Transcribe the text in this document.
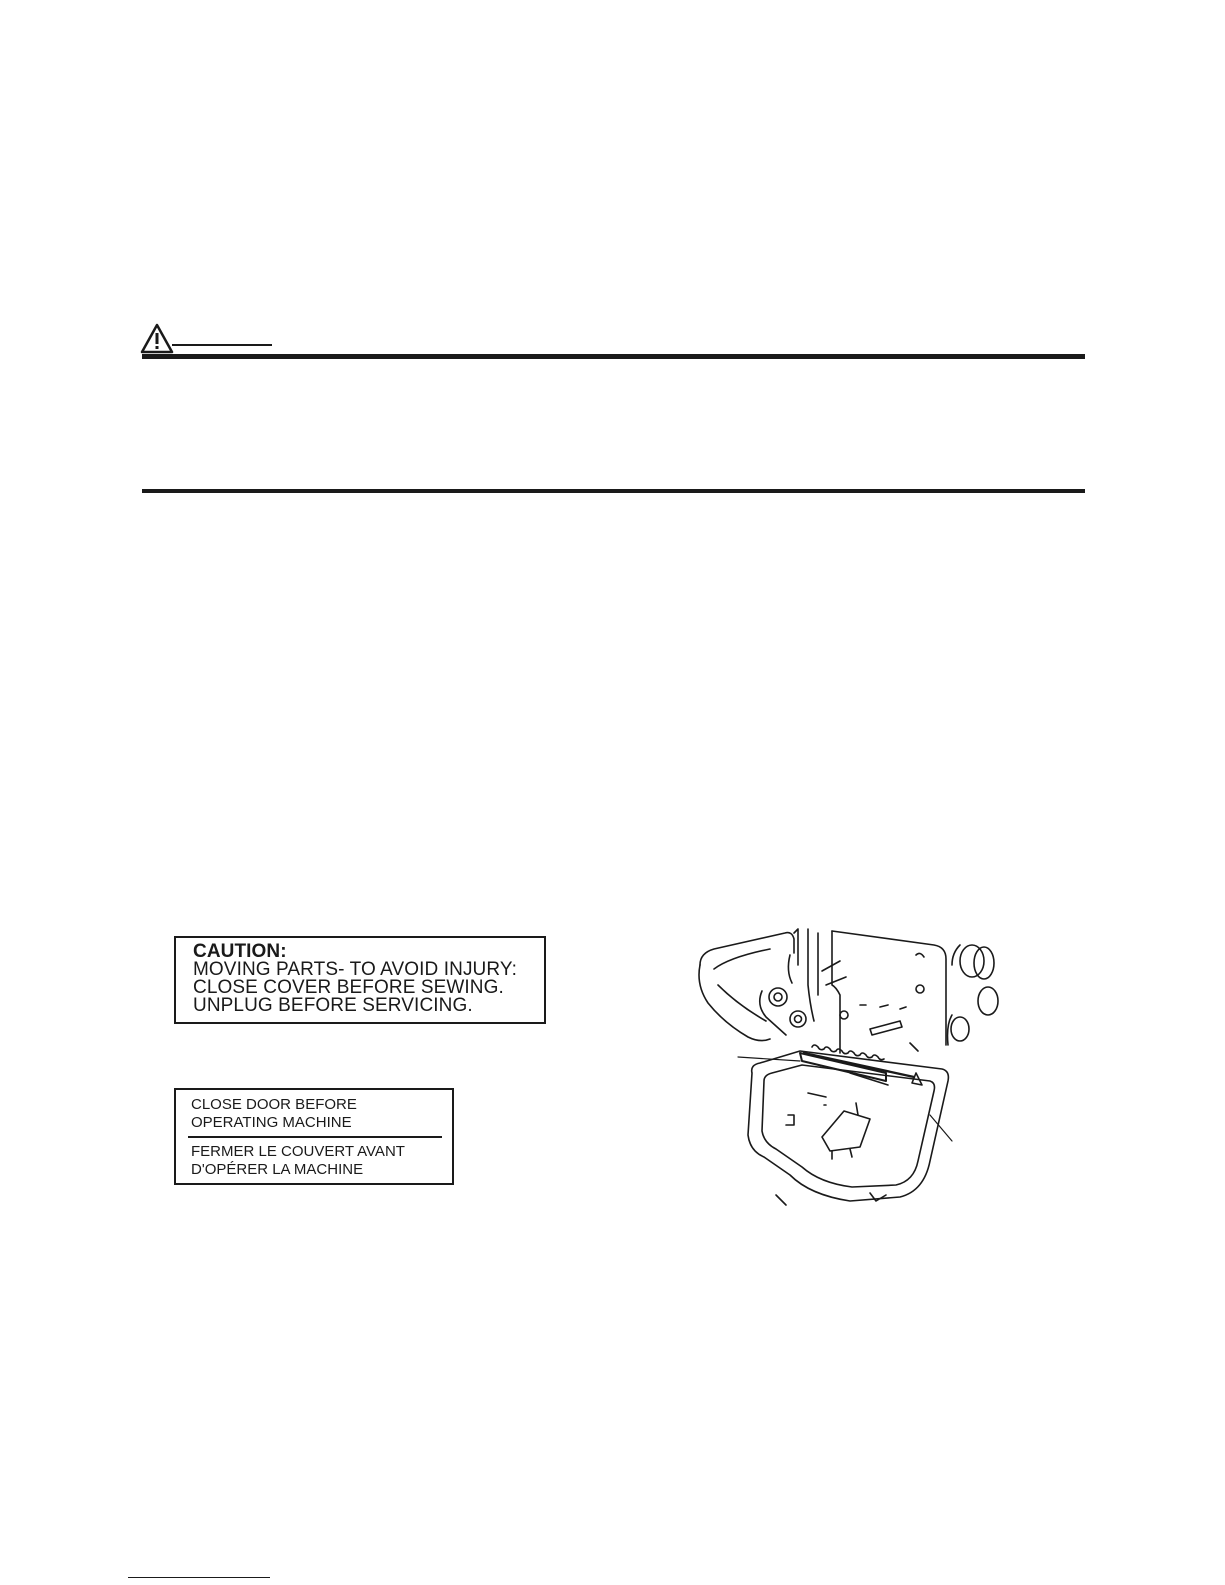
CAUTION:
MOVING PARTS- TO AVOID INJURY:
CLOSE COVER BEFORE SEWING.
UNPLUG BEFORE SERVICING.
CLOSE DOOR BEFORE
OPERATING MACHINE
FERMER LE COUVERT AVANT
D'OPÉRER LA MACHINE
